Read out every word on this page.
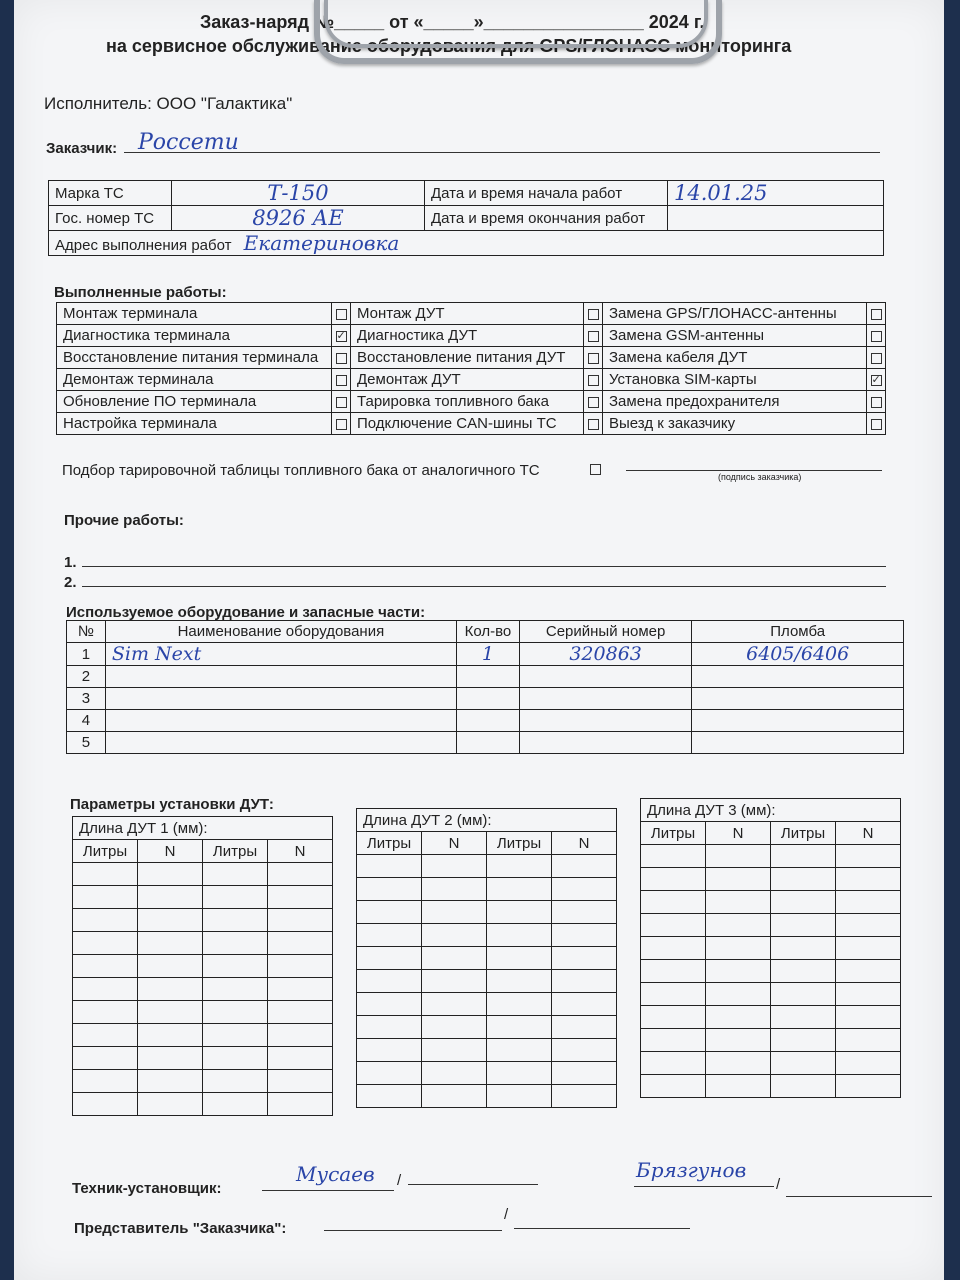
Заказ-наряд №_____ от «_____»________________ 2024 г.
на сервисное обслуживание оборудования для GPS/ГЛОНАСС мониторинга
Исполнитель: ООО "Галактика"
Заказчик: Россети
Марка ТС	Т-150	Дата и время начала работ	14.01.25
Гос. номер ТС	8926 АЕ	Дата и время окончания работ	
Адрес выполнения работ Екатериновка			
Выполненные работы:
Монтаж терминала		Монтаж ДУТ		Замена GPS/ГЛОНАСС-антенны	
Диагностика терминала	✓	Диагностика ДУТ		Замена GSM-антенны	
Восстановление питания терминала		Восстановление питания ДУТ		Замена кабеля ДУТ	
Демонтаж терминала		Демонтаж ДУТ		Установка SIM-карты	✓
Обновление ПО терминала		Тарировка топливного бака		Замена предохранителя	
Настройка терминала		Подключение CAN-шины ТС		Выезд к заказчику	
Подбор тарировочной таблицы топливного бака от аналогичного ТС	(подпись заказчика)
Прочие работы:
1.
2.
Используемое оборудование и запасные части:
№	Наименование оборудования	Кол-во	Серийный номер	Пломба
1	Sim Next	1	320863	6405/6406
2				
3				
4				
5				
Параметры установки ДУТ:
Длина ДУТ 1 (мм):			
Литры	N	Литры	N

Длина ДУТ 2 (мм):			
Литры	N	Литры	N

Длина ДУТ 3 (мм):			
Литры	N	Литры	N

Техник-установщик:	/
Мусаев	Брязгунов
/
Представитель "Заказчика":
/
